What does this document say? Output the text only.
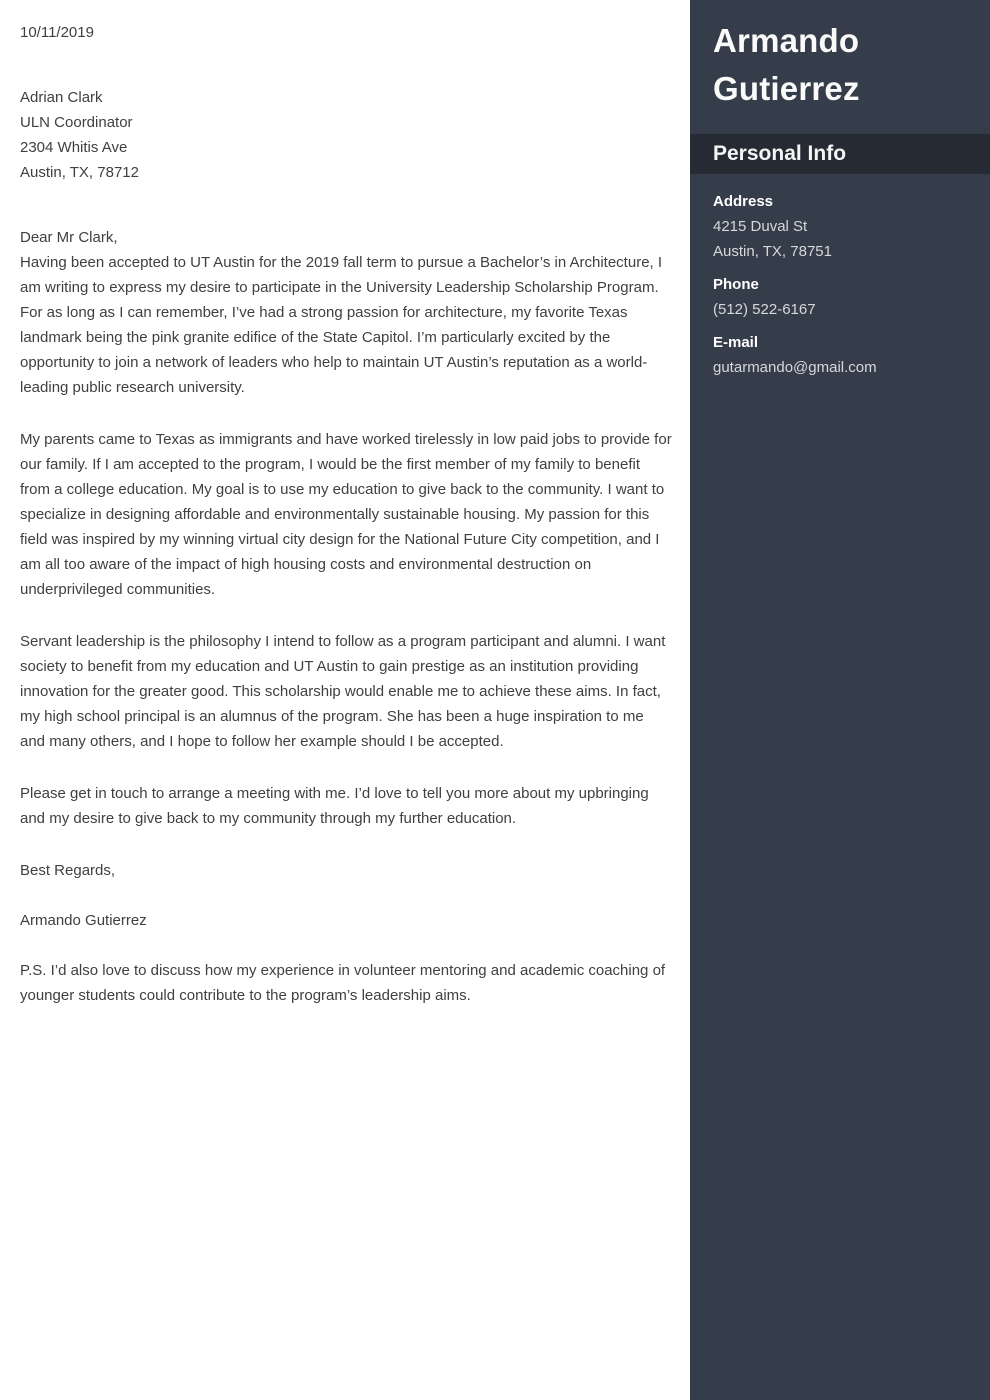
10/11/2019
Adrian Clark
ULN Coordinator
2304 Whitis Ave
Austin, TX, 78712
Dear Mr Clark,
Having been accepted to UT Austin for the 2019 fall term to pursue a Bachelor’s in Architecture, I am writing to express my desire to participate in the University Leadership Scholarship Program. For as long as I can remember, I’ve had a strong passion for architecture, my favorite Texas landmark being the pink granite edifice of the State Capitol. I’m particularly excited by the opportunity to join a network of leaders who help to maintain UT Austin’s reputation as a world-leading public research university.
My parents came to Texas as immigrants and have worked tirelessly in low paid jobs to provide for our family. If I am accepted to the program, I would be the first member of my family to benefit from a college education. My goal is to use my education to give back to the community. I want to specialize in designing affordable and environmentally sustainable housing. My passion for this field was inspired by my winning virtual city design for the National Future City competition, and I am all too aware of the impact of high housing costs and environmental destruction on underprivileged communities.
Servant leadership is the philosophy I intend to follow as a program participant and alumni. I want society to benefit from my education and UT Austin to gain prestige as an institution providing innovation for the greater good. This scholarship would enable me to achieve these aims. In fact, my high school principal is an alumnus of the program. She has been a huge inspiration to me and many others, and I hope to follow her example should I be accepted.
Please get in touch to arrange a meeting with me. I’d love to tell you more about my upbringing and my desire to give back to my community through my further education.
Best Regards,
Armando Gutierrez
P.S. I’d also love to discuss how my experience in volunteer mentoring and academic coaching of younger students could contribute to the program’s leadership aims.
Armando Gutierrez
Personal Info
Address
4215 Duval St
Austin, TX, 78751
Phone
(512) 522-6167
E-mail
gutarmando@gmail.com
